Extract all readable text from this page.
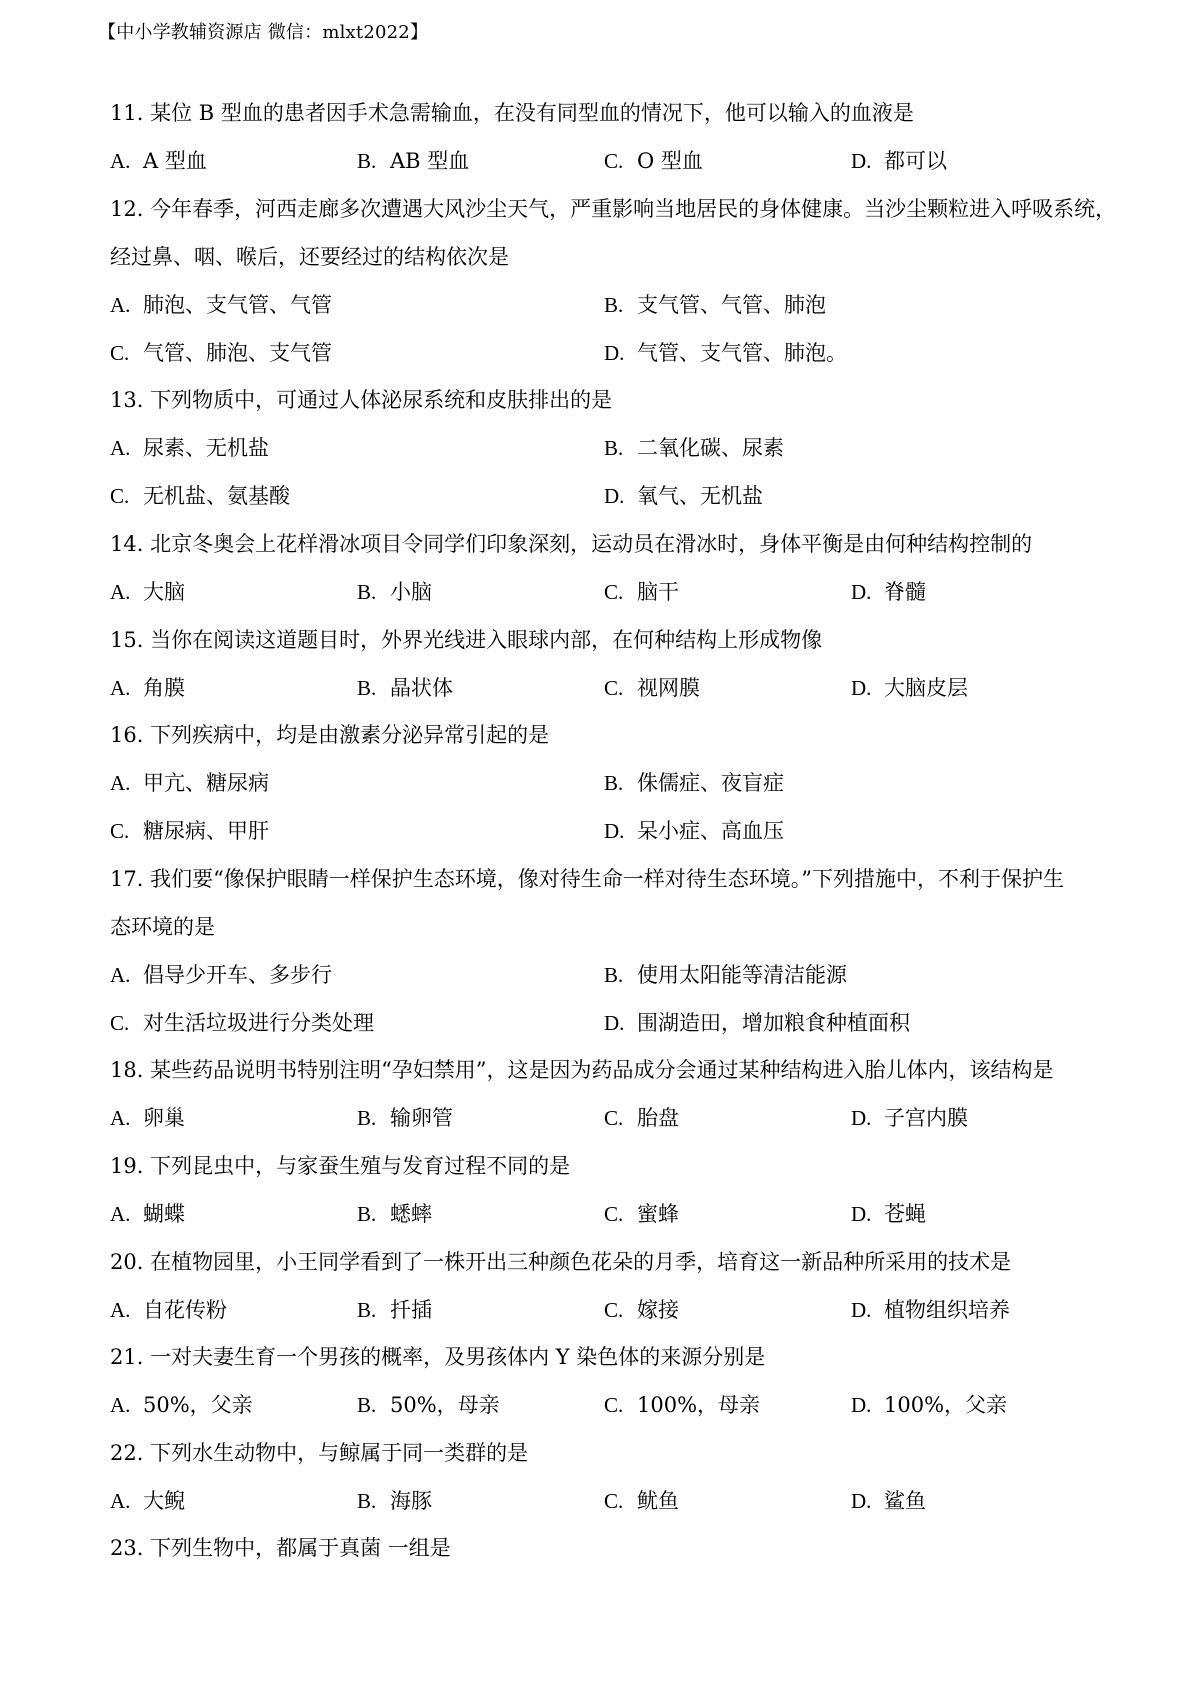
【中小学教辅资源店 微信：mlxt2022】
11. 某位 B 型血的患者因手术急需输血，在没有同型血的情况下，他可以输入的血液是
A. A 型血	B. AB 型血	C. O 型血	D. 都可以
12. 今年春季，河西走廊多次遭遇大风沙尘天气，严重影响当地居民的身体健康。当沙尘颗粒进入呼吸系统，
经过鼻、咽、喉后，还要经过的结构依次是
A. 肺泡、支气管、气管	B. 支气管、气管、肺泡
C. 气管、肺泡、支气管	D. 气管、支气管、肺泡。
13. 下列物质中，可通过人体泌尿系统和皮肤排出的是
A. 尿素、无机盐	B. 二氧化碳、尿素
C. 无机盐、氨基酸	D. 氧气、无机盐
14. 北京冬奥会上花样滑冰项目令同学们印象深刻，运动员在滑冰时，身体平衡是由何种结构控制的
A. 大脑	B. 小脑	C. 脑干	D. 脊髓
15. 当你在阅读这道题目时，外界光线进入眼球内部，在何种结构上形成物像
A. 角膜	B. 晶状体	C. 视网膜	D. 大脑皮层
16. 下列疾病中，均是由激素分泌异常引起的是
A. 甲亢、糖尿病	B. 侏儒症、夜盲症
C. 糖尿病、甲肝	D. 呆小症、高血压
17. 我们要“像保护眼睛一样保护生态环境，像对待生命一样对待生态环境。”下列措施中，不利于保护生
态环境的是
A. 倡导少开车、多步行	B. 使用太阳能等清洁能源
C. 对生活垃圾进行分类处理	D. 围湖造田，增加粮食种植面积
18. 某些药品说明书特别注明“孕妇禁用”，这是因为药品成分会通过某种结构进入胎儿体内，该结构是
A. 卵巢	B. 输卵管	C. 胎盘	D. 子宫内膜
19. 下列昆虫中，与家蚕生殖与发育过程不同的是
A. 蝴蝶	B. 蟋蟀	C. 蜜蜂	D. 苍蝇
20. 在植物园里，小王同学看到了一株开出三种颜色花朵的月季，培育这一新品种所采用的技术是
A. 自花传粉	B. 扦插	C. 嫁接	D. 植物组织培养
21. 一对夫妻生育一个男孩的概率，及男孩体内 Y 染色体的来源分别是
A. 50%，父亲	B. 50%，母亲	C. 100%，母亲	D. 100%，父亲
22. 下列水生动物中，与鲸属于同一类群的是
A. 大鲵	B. 海豚	C. 鱿鱼	D. 鲨鱼
23. 下列生物中，都属于真菌 一组是
